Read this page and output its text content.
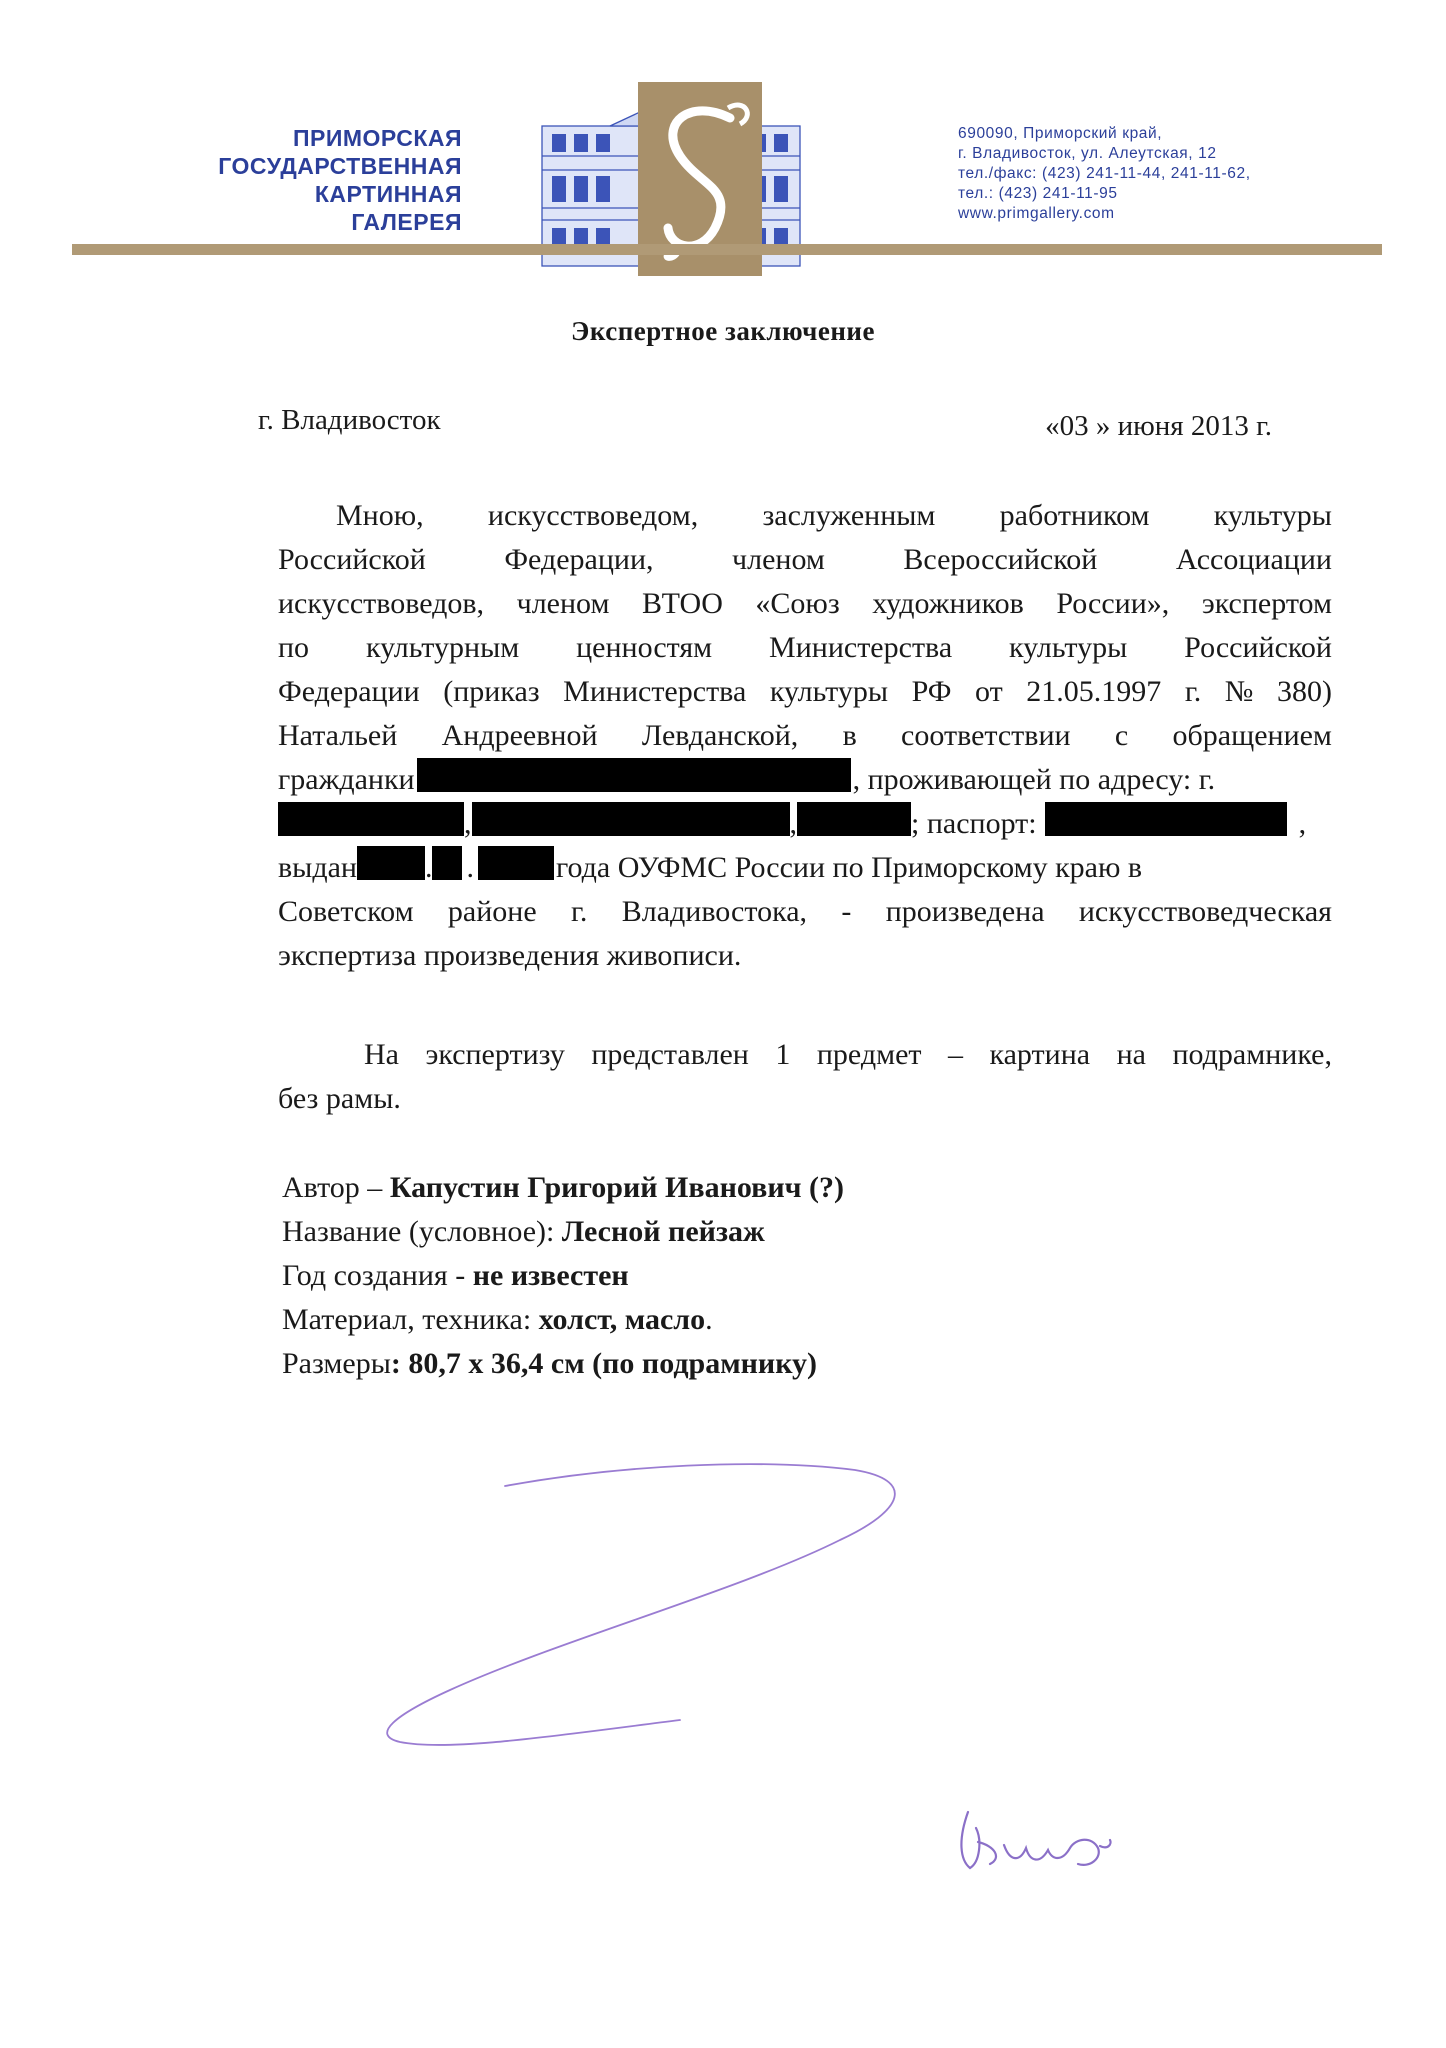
ПРИМОРСКАЯ
ГОСУДАРСТВЕННАЯ
КАРТИННАЯ
ГАЛЕРЕЯ
690090, Приморский край,
г. Владивосток, ул. Алеутская, 12
тел./факс: (423) 241-11-44, 241-11-62,
тел.: (423) 241-11-95
www.primgallery.com
Экспертное заключение
г. Владивосток	«03 » июня 2013 г.
Мною, искусствоведом, заслуженным работником культуры
Российской	Федерации,	членом	Всероссийской	Ассоциации
искусствоведов, членом ВТОО «Союз художников России», экспертом
по культурным ценностям Министерства культуры Российской
Федерации (приказ Министерства культуры РФ от 21.05.1997 г. № 380)
Натальей Андреевной Левданской, в соответствии с обращением
гражданки	, проживающей по адресу: г.
,	,	; паспорт:	,
выдан . .	года ОУФМС России по Приморскому краю в
Советском районе г. Владивостока, - произведена искусствоведческая
экспертиза произведения живописи.
На экспертизу представлен 1 предмет – картина на подрамнике,
без рамы.
Автор – Капустин Григорий Иванович (?)
Название (условное): Лесной пейзаж
Год создания - не известен
Материал, техника: холст, масло.
Размеры: 80,7 х 36,4 см (по подрамнику)
